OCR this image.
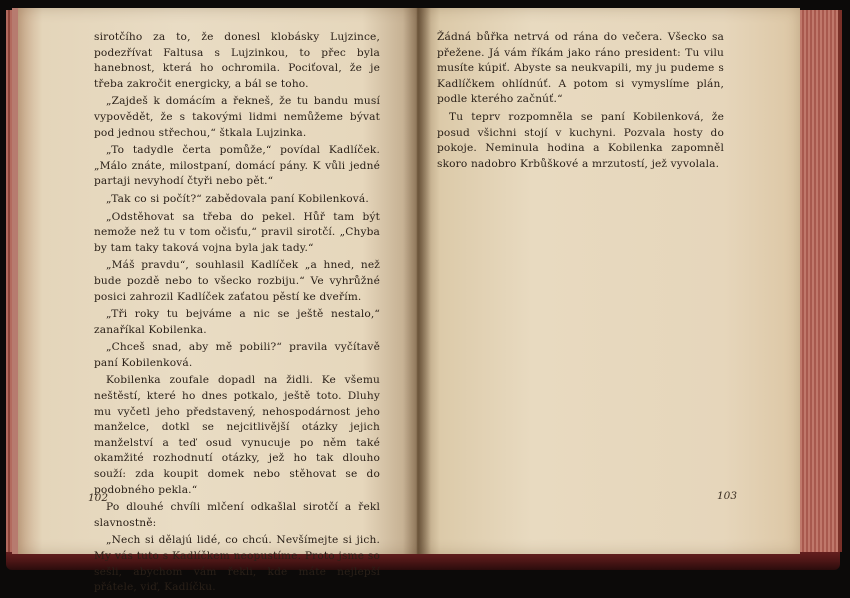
sirotčího za to, že donesl klobásky Lujzince, podezřívat Faltusa s Lujzinkou, to přec byla hanebnost, která ho ochromila. Pociťoval, že je třeba zakročit energicky, a bál se toho.

„Zajdeš k domácím a řekneš, že tu bandu musí vypovědět, že s takovými lidmi nemůžeme bývat pod jednou střechou,“ štkala Lujzinka.

„To tadydle čerta pomůže,“ povídal Kadlíček. „Málo znáte, milostpaní, domácí pány. K vůli jedné partaji nevyhodí čtyři nebo pět.“

„Tak co si počít?“ zabědovala paní Kobilenková.

„Odstěhovat sa třeba do pekel. Hůř tam být nemože než tu v tom očisťu,“ pravil sirotčí. „Chyba by tam taky taková vojna byla jak tady.“

„Máš pravdu“, souhlasil Kadlíček „a hned, než bude pozdě nebo to všecko rozbiju.“ Ve vyhrůžné posici zahrozil Kadlíček zaťatou pěstí ke dveřím.

„Tři roky tu bejváme a nic se ještě nestalo,“ zanaříkal Kobilenka.

„Chceš snad, aby mě pobili?“ pravila vyčítavě paní Kobilenková.

Kobilenka zoufale dopadl na židli. Ke všemu neštěstí, které ho dnes potkalo, ještě toto. Dluhy mu vyčetl jeho představený, nehospodárnost jeho manželce, dotkl se nejcitlivější otázky jejich manželství a teď osud vynucuje po něm také okamžité rozhodnutí otázky, jež ho tak dlouho souží: zda koupit domek nebo stěhovat se do podobného pekla.“

Po dlouhé chvíli mlčení odkašlal sirotčí a řekl slavnostně:

„Nech si dělajú lidé, co chcú. Nevšímejte si jich. My vás tuto s Kadlíčkem neopustíme. Proto jsme so sešli, abychom vám řekli, kde máte nejlepší přátele, viď, Kadlíčku.

102

Žádná bůřka netrvá od rána do večera. Všecko sa přežene. Já vám říkám jako ráno president: Tu vilu musíte kúpiť. Abyste sa neukvapili, my ju pudeme s Kadlíčkem ohlídnúť. A potom si vymyslíme plán, podle kterého začnúť.“

Tu teprv rozpomněla se paní Kobilenková, že posud všichni stojí v kuchyni. Pozvala hosty do pokoje. Neminula hodina a Kobilenka zapomněl skoro nadobro Krbůškové a mrzutostí, jež vyvolala.

103
